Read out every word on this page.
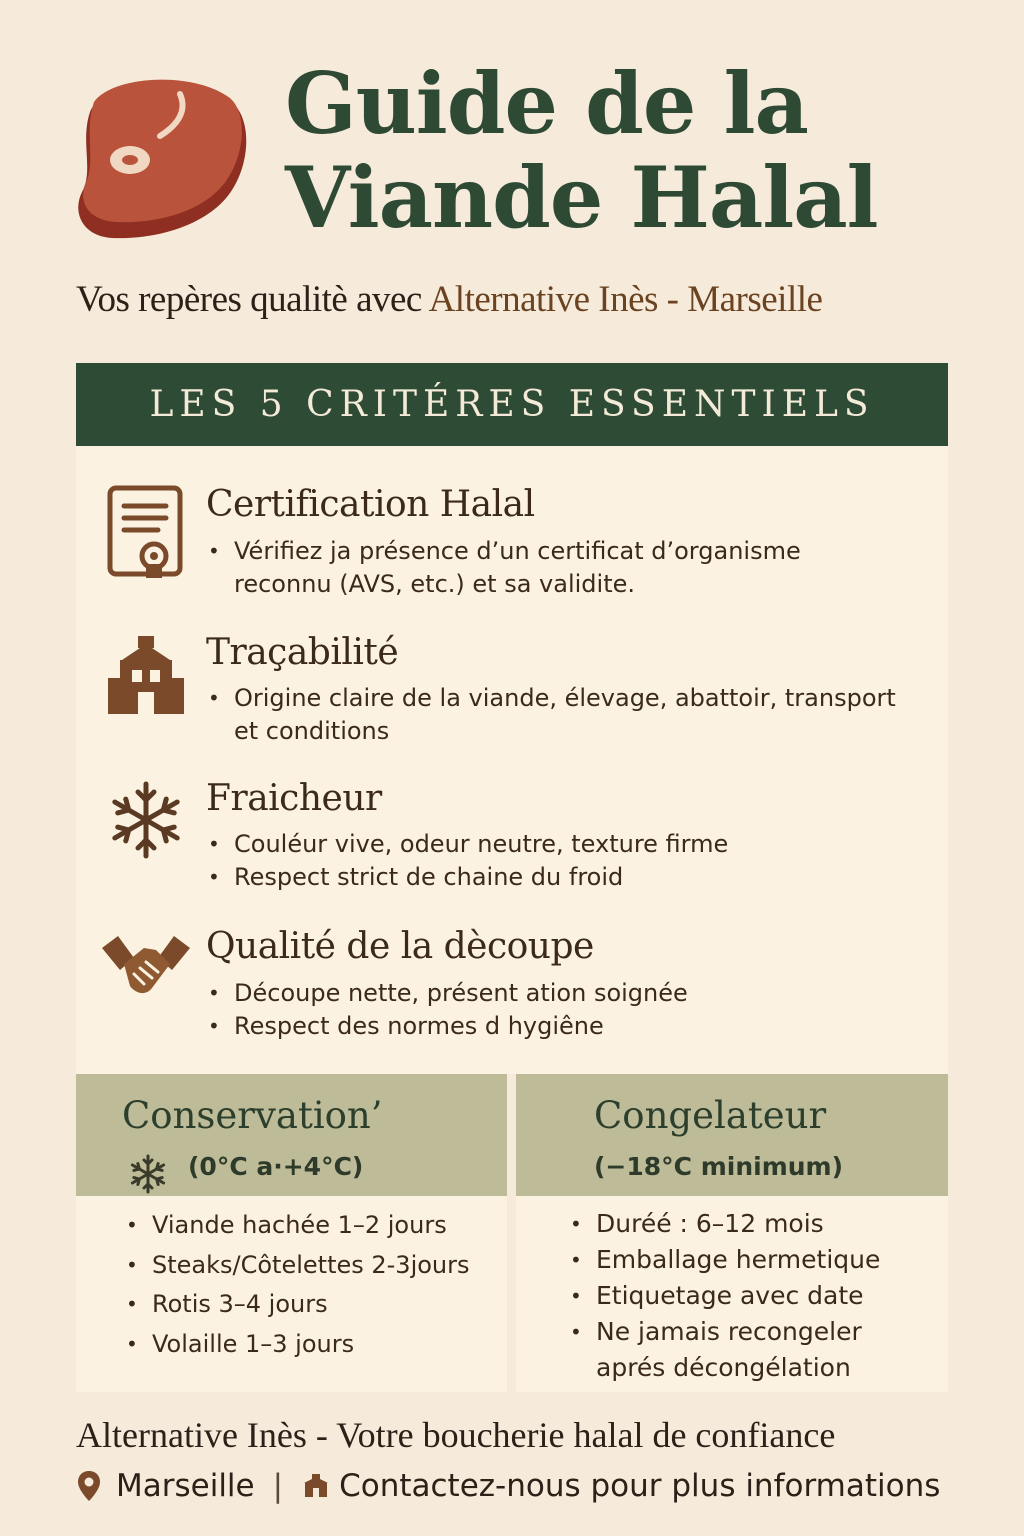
Guide de la
Viande Halal
Vos repères qualitè avec Alternative Inès - Marseille
LES 5 CRITÉRES ESSENTIELS
Certification Halal
• Vérifiez ja présence d’un certificat d’organisme
reconnu (AVS, etc.) et sa validite.
Traçabilité
• Origine claire de la viande, élevage, abattoir, transport
et conditions
Fraicheur
• Couléur vive, odeur neutre, texture firme
• Respect strict de chaine du froid
Qualité de la dècoupe
• Découpe nette, présent ation soignée
• Respect des normes d hygiêne
Conservation’
(0°C a·+4°C)
• Viande hachée 1–2 jours
• Steaks/Côtelettes 2-3jours
• Rotis 3–4 jours
• Volaille 1–3 jours
Congelateur
(−18°C minimum)
• Duréé : 6–12 mois
• Emballage hermetique
• Etiquetage avec date
• Ne jamais recongeler
aprés décongélation
Alternative Inès - Votre boucherie halal de confiance
Marseille | Contactez-nous pour plus informations
